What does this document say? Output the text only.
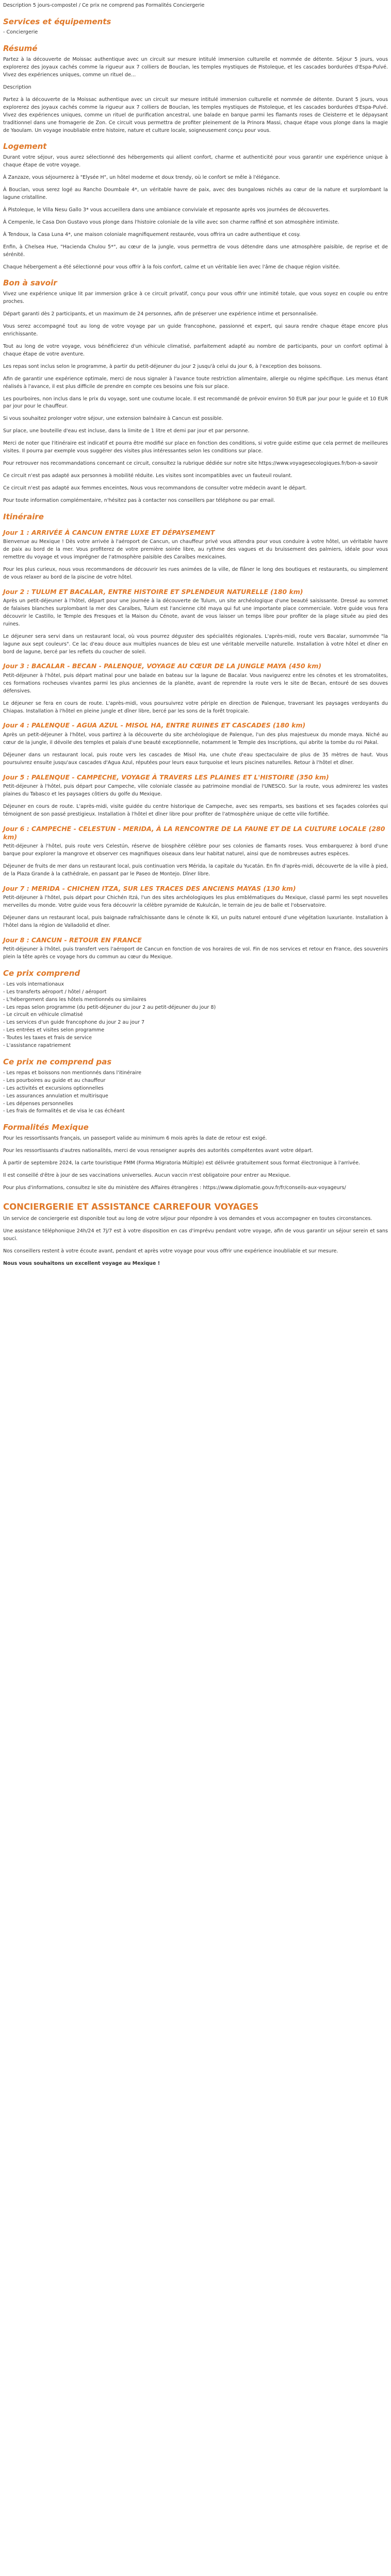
Description 5 jours-compostel / Ce prix ne comprend pas Formalités Conciergerie

Services et équipements

- Conciergerie

Résumé

Partez à la découverte de Moissac authentique avec un circuit sur mesure intitulé immersion culturelle et nommée de détente. Séjour 5 jours, vous explorerez des joyaux cachés comme la rigueur aux 7 colliers de Bouclan, les temples mystiques de Pistoleque, et les cascades bordurées d'Espa-Pulvé. Vivez des expériences uniques, comme un rituel de...

Description

Partez à la découverte de la Moissac authentique avec un circuit sur mesure intitulé immersion culturelle et nommée de détente. Durant 5 jours, vous explorerez des joyaux cachés comme la rigueur aux 7 colliers de Bouclan, les temples mystiques de Pistoleque, et les cascades bordurées d'Espa-Pulvé. Vivez des expériences uniques, comme un rituel de purification ancestral, une balade en barque parmi les flamants roses de Cleisterre et le dépaysant traditionnel dans une fromagerie de Zon. Ce circuit vous permettra de profiter pleinement de la Prinora Massi, chaque étape vous plonge dans la magie de Yaoulam. Un voyage inoubliable entre histoire, nature et culture locale, soigneusement conçu pour vous.

Logement

Durant votre séjour, vous aurez sélectionné des hébergements qui allient confort, charme et authenticité pour vous garantir une expérience unique à chaque étape de votre voyage.

À Zanzaze, vous séjournerez à "Elysée H", un hôtel moderne et doux trendy, où le confort se mêle à l'élégance.

À Bouclan, vous serez logé au Rancho Doumbale 4*, un véritable havre de paix, avec des bungalows nichés au cœur de la nature et surplombant la lagune cristalline.

À Pistoleque, le Villa Nesu Gallo 3* vous accueillera dans une ambiance conviviale et reposante après vos journées de découvertes.

À Cempenle, le Casa Don Gustavo vous plonge dans l'histoire coloniale de la ville avec son charme raffiné et son atmosphère intimiste.

À Tendoux, la Casa Luna 4*, une maison coloniale magnifiquement restaurée, vous offrira un cadre authentique et cosy.

Enfin, à Chelsea Hue, "Hacienda Chulou 5*", au cœur de la jungle, vous permettra de vous détendre dans une atmosphère paisible, de reprise et de sérénité.

Chaque hébergement a été sélectionné pour vous offrir à la fois confort, calme et un véritable lien avec l'âme de chaque région visitée.

Bon à savoir

Vivez une expérience unique lit par immersion grâce à ce circuit privatif, conçu pour vous offrir une intimité totale, que vous soyez en couple ou entre proches.

Départ garanti dès 2 participants, et un maximum de 24 personnes, afin de préserver une expérience intime et personnalisée.

Vous serez accompagné tout au long de votre voyage par un guide francophone, passionné et expert, qui saura rendre chaque étape encore plus enrichissante.

Tout au long de votre voyage, vous bénéficierez d'un véhicule climatisé, parfaitement adapté au nombre de participants, pour un confort optimal à chaque étape de votre aventure.

Les repas sont inclus selon le programme, à partir du petit-déjeuner du jour 2 jusqu'à celui du jour 6, à l'exception des boissons.

Afin de garantir une expérience optimale, merci de nous signaler à l'avance toute restriction alimentaire, allergie ou régime spécifique. Les menus étant réalisés à l'avance, il est plus difficile de prendre en compte ces besoins une fois sur place.

Les pourboires, non inclus dans le prix du voyage, sont une coutume locale. Il est recommandé de prévoir environ 50 EUR par jour pour le guide et 10 EUR par jour pour le chauffeur.

Si vous souhaitez prolonger votre séjour, une extension balnéaire à Cancun est possible.

Sur place, une bouteille d'eau est incluse, dans la limite de 1 litre et demi par jour et par personne.

Merci de noter que l'itinéraire est indicatif et pourra être modifié sur place en fonction des conditions, si votre guide estime que cela permet de meilleures visites. Il pourra par exemple vous suggérer des visites plus intéressantes selon les conditions sur place.

Pour retrouver nos recommandations concernant ce circuit, consultez la rubrique dédiée sur notre site https://www.voyagesecologiques.fr/bon-a-savoir

Ce circuit n'est pas adapté aux personnes à mobilité réduite. Les visites sont incompatibles avec un fauteuil roulant.

Ce circuit n'est pas adapté aux femmes enceintes, Nous vous recommandons de consulter votre médecin avant le départ.

Pour toute information complémentaire, n'hésitez pas à contacter nos conseillers par téléphone ou par email.

Itinéraire
Jour 1 : ARRIVÉE À CANCUN ENTRE LUXE ET DÉPAYSEMENT

Bienvenue au Mexique ! Dès votre arrivée à l'aéroport de Cancun, un chauffeur privé vous attendra pour vous conduire à votre hôtel, un véritable havre de paix au bord de la mer. Vous profiterez de votre première soirée libre, au rythme des vagues et du bruissement des palmiers, idéale pour vous remettre du voyage et vous imprégner de l'atmosphère paisible des Caraïbes mexicaines.

Pour les plus curieux, nous vous recommandons de découvrir les rues animées de la ville, de flâner le long des boutiques et restaurants, ou simplement de vous relaxer au bord de la piscine de votre hôtel.

Jour 2 : TULUM ET BACALAR, ENTRE HISTOIRE ET SPLENDEUR NATURELLE (180 km)

Après un petit-déjeuner à l'hôtel, départ pour une journée à la découverte de Tulum, un site archéologique d'une beauté saisissante. Dressé au sommet de falaises blanches surplombant la mer des Caraïbes, Tulum est l'ancienne cité maya qui fut une importante place commerciale. Votre guide vous fera découvrir le Castillo, le Temple des Fresques et la Maison du Cénote, avant de vous laisser un temps libre pour profiter de la plage située au pied des ruines.

Le déjeuner sera servi dans un restaurant local, où vous pourrez déguster des spécialités régionales. L'après-midi, route vers Bacalar, surnommée "la lagune aux sept couleurs". Ce lac d'eau douce aux multiples nuances de bleu est une véritable merveille naturelle. Installation à votre hôtel et dîner en bord de lagune, bercé par les reflets du coucher de soleil.

Jour 3 : BACALAR - BECAN - PALENQUE, VOYAGE AU CŒUR DE LA JUNGLE MAYA (450 km)

Petit-déjeuner à l'hôtel, puis départ matinal pour une balade en bateau sur la lagune de Bacalar. Vous naviguerez entre les cénotes et les stromatolites, ces formations rocheuses vivantes parmi les plus anciennes de la planète, avant de reprendre la route vers le site de Becan, entouré de ses douves défensives.

Le déjeuner se fera en cours de route. L'après-midi, vous poursuivrez votre périple en direction de Palenque, traversant les paysages verdoyants du Chiapas. Installation à l'hôtel en pleine jungle et dîner libre, bercé par les sons de la forêt tropicale.

Jour 4 : PALENQUE - AGUA AZUL - MISOL HA, ENTRE RUINES ET CASCADES (180 km)

Après un petit-déjeuner à l'hôtel, vous partirez à la découverte du site archéologique de Palenque, l'un des plus majestueux du monde maya. Niché au cœur de la jungle, il dévoile des temples et palais d'une beauté exceptionnelle, notamment le Temple des Inscriptions, qui abrite la tombe du roi Pakal.

Déjeuner dans un restaurant local, puis route vers les cascades de Misol Ha, une chute d'eau spectaculaire de plus de 35 mètres de haut. Vous poursuivrez ensuite jusqu'aux cascades d'Agua Azul, réputées pour leurs eaux turquoise et leurs piscines naturelles. Retour à l'hôtel et dîner.

Jour 5 : PALENQUE - CAMPECHE, VOYAGE À TRAVERS LES PLAINES ET L'HISTOIRE (350 km)

Petit-déjeuner à l'hôtel, puis départ pour Campeche, ville coloniale classée au patrimoine mondial de l'UNESCO. Sur la route, vous admirerez les vastes plaines du Tabasco et les paysages côtiers du golfe du Mexique.

Déjeuner en cours de route. L'après-midi, visite guidée du centre historique de Campeche, avec ses remparts, ses bastions et ses façades colorées qui témoignent de son passé prestigieux. Installation à l'hôtel et dîner libre pour profiter de l'atmosphère unique de cette ville fortifiée.

Jour 6 : CAMPECHE - CELESTUN - MERIDA, À LA RENCONTRE DE LA FAUNE ET DE LA CULTURE LOCALE (280 km)

Petit-déjeuner à l'hôtel, puis route vers Celestún, réserve de biosphère célèbre pour ses colonies de flamants roses. Vous embarquerez à bord d'une barque pour explorer la mangrove et observer ces magnifiques oiseaux dans leur habitat naturel, ainsi que de nombreuses autres espèces.

Déjeuner de fruits de mer dans un restaurant local, puis continuation vers Mérida, la capitale du Yucatán. En fin d'après-midi, découverte de la ville à pied, de la Plaza Grande à la cathédrale, en passant par le Paseo de Montejo. Dîner libre.

Jour 7 : MERIDA - CHICHEN ITZA, SUR LES TRACES DES ANCIENS MAYAS (130 km)

Petit-déjeuner à l'hôtel, puis départ pour Chichén Itzá, l'un des sites archéologiques les plus emblématiques du Mexique, classé parmi les sept nouvelles merveilles du monde. Votre guide vous fera découvrir la célèbre pyramide de Kukulcán, le terrain de jeu de balle et l'observatoire.

Déjeuner dans un restaurant local, puis baignade rafraîchissante dans le cénote Ik Kil, un puits naturel entouré d'une végétation luxuriante. Installation à l'hôtel dans la région de Valladolid et dîner.

Jour 8 : CANCUN - RETOUR EN FRANCE

Petit-déjeuner à l'hôtel, puis transfert vers l'aéroport de Cancun en fonction de vos horaires de vol. Fin de nos services et retour en France, des souvenirs plein la tête après ce voyage hors du commun au cœur du Mexique.

Ce prix comprend
- Les vols internationaux
- Les transferts aéroport / hôtel / aéroport
- L'hébergement dans les hôtels mentionnés ou similaires
- Les repas selon programme (du petit-déjeuner du jour 2 au petit-déjeuner du jour 8)
- Le circuit en véhicule climatisé
- Les services d'un guide francophone du jour 2 au jour 7
- Les entrées et visites selon programme
- Toutes les taxes et frais de service
- L'assistance rapatriement
Ce prix ne comprend pas
- Les repas et boissons non mentionnés dans l'itinéraire
- Les pourboires au guide et au chauffeur
- Les activités et excursions optionnelles
- Les assurances annulation et multirisque
- Les dépenses personnelles
- Les frais de formalités et de visa le cas échéant
Formalités Mexique

Pour les ressortissants français, un passeport valide au minimum 6 mois après la date de retour est exigé.

Pour les ressortissants d'autres nationalités, merci de vous renseigner auprès des autorités compétentes avant votre départ.

À partir de septembre 2024, la carte touristique FMM (Forma Migratoria Múltiple) est délivrée gratuitement sous format électronique à l'arrivée.

Il est conseillé d'être à jour de ses vaccinations universelles. Aucun vaccin n'est obligatoire pour entrer au Mexique.

Pour plus d'informations, consultez le site du ministère des Affaires étrangères : https://www.diplomatie.gouv.fr/fr/conseils-aux-voyageurs/

CONCIERGERIE ET ASSISTANCE CARREFOUR VOYAGES

Un service de conciergerie est disponible tout au long de votre séjour pour répondre à vos demandes et vous accompagner en toutes circonstances.

Une assistance téléphonique 24h/24 et 7j/7 est à votre disposition en cas d'imprévu pendant votre voyage, afin de vous garantir un séjour serein et sans souci.

Nos conseillers restent à votre écoute avant, pendant et après votre voyage pour vous offrir une expérience inoubliable et sur mesure.

Nous vous souhaitons un excellent voyage au Mexique !
